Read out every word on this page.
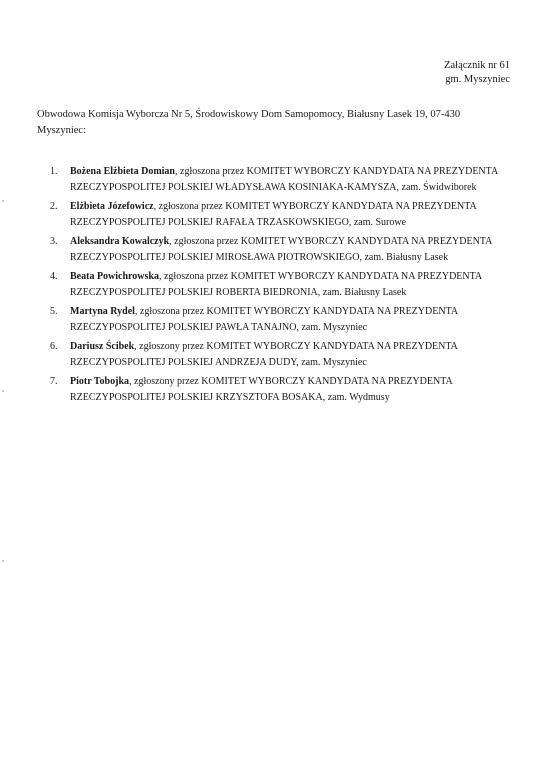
Załącznik nr 61
gm. Myszyniec
Obwodowa Komisja Wyborcza Nr 5, Środowiskowy Dom Samopomocy, Białusny Lasek 19, 07-430 Myszyniec:
1. Bożena Elżbieta Domian, zgłoszona przez KOMITET WYBORCZY KANDYDATA NA PREZYDENTA RZECZYPOSPOLITEJ POLSKIEJ WŁADYSŁAWA KOSINIAKA-KAMYSZA, zam. Świdwiborek
2. Elżbieta Józefowicz, zgłoszona przez KOMITET WYBORCZY KANDYDATA NA PREZYDENTA RZECZYPOSPOLITEJ POLSKIEJ RAFAŁA TRZASKOWSKIEGO, zam. Surowe
3. Aleksandra Kowalczyk, zgłoszona przez KOMITET WYBORCZY KANDYDATA NA PREZYDENTA RZECZYPOSPOLITEJ POLSKIEJ MIROSŁAWA PIOTROWSKIEGO, zam. Białusny Lasek
4. Beata Powichrowska, zgłoszona przez KOMITET WYBORCZY KANDYDATA NA PREZYDENTA RZECZYPOSPOLITEJ POLSKIEJ ROBERTA BIEDRONIA, zam. Białusny Lasek
5. Martyna Rydel, zgłoszona przez KOMITET WYBORCZY KANDYDATA NA PREZYDENTA RZECZYPOSPOLITEJ POLSKIEJ PAWŁA TANAJNO, zam. Myszyniec
6. Dariusz Ścibek, zgłoszony przez KOMITET WYBORCZY KANDYDATA NA PREZYDENTA RZECZYPOSPOLITEJ POLSKIEJ ANDRZEJA DUDY, zam. Myszyniec
7. Piotr Tobojka, zgłoszony przez KOMITET WYBORCZY KANDYDATA NA PREZYDENTA RZECZYPOSPOLITEJ POLSKIEJ KRZYSZTOFA BOSAKA, zam. Wydmusy
